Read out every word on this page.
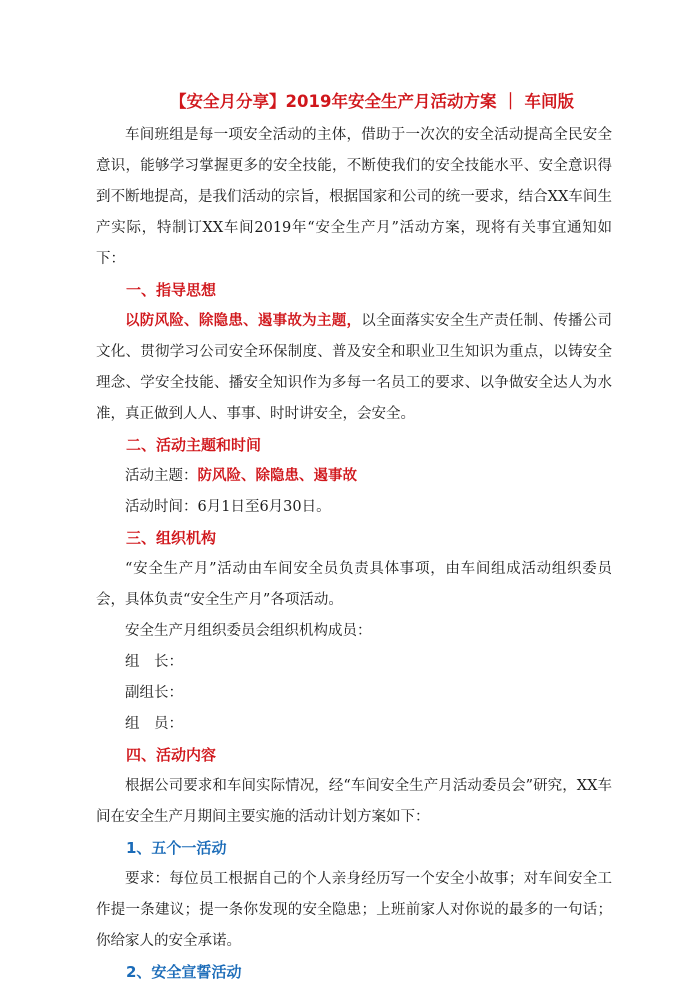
【安全月分享】2019年安全生产月活动方案 ｜ 车间版

车间班组是每一项安全活动的主体，借助于一次次的安全活动提高全民安全意识，能够学习掌握更多的安全技能，不断使我们的安全技能水平、安全意识得到不断地提高，是我们活动的宗旨，根据国家和公司的统一要求，结合XX车间生产实际，特制订XX车间2019年“安全生产月”活动方案，现将有关事宜通知如下：

一、指导思想

以防风险、除隐患、遏事故为主题，以全面落实安全生产责任制、传播公司文化、贯彻学习公司安全环保制度、普及安全和职业卫生知识为重点，以铸安全理念、学安全技能、播安全知识作为多每一名员工的要求、以争做安全达人为水准，真正做到人人、事事、时时讲安全，会安全。

二、活动主题和时间

活动主题：防风险、除隐患、遏事故

活动时间：6月1日至6月30日。

三、组织机构

“安全生产月”活动由车间安全员负责具体事项，由车间组成活动组织委员会，具体负责“安全生产月”各项活动。

安全生产月组织委员会组织机构成员：

组　长：

副组长：

组　员：

四、活动内容

根据公司要求和车间实际情况，经“车间安全生产月活动委员会”研究，XX车间在安全生产月期间主要实施的活动计划方案如下：

1、五个一活动

要求：每位员工根据自己的个人亲身经历写一个安全小故事；对车间安全工作提一条建议；提一条你发现的安全隐患；上班前家人对你说的最多的一句话；你给家人的安全承诺。

2、安全宣誓活动
